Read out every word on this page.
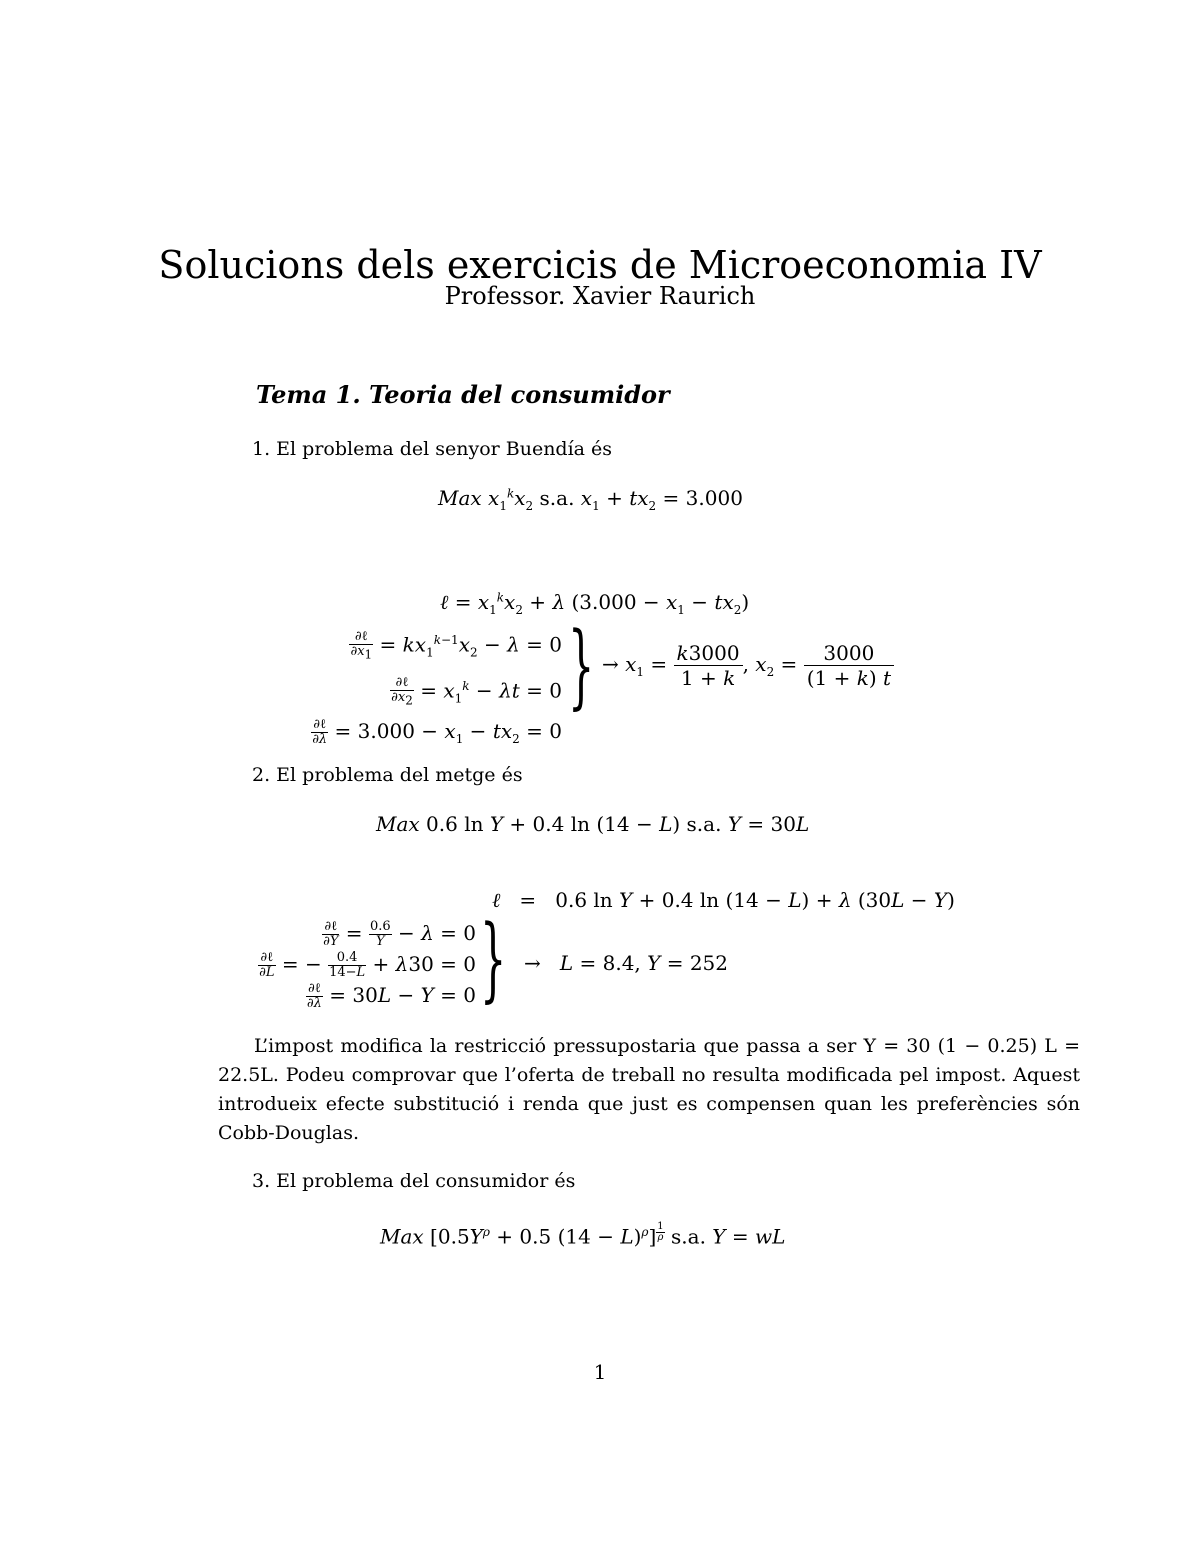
Solucions dels exercicis de Microeconomia IV
Professor. Xavier Raurich
Tema 1. Teoria del consumidor
1. El problema del senyor Buendía és
Max $x_1^kx_2$ s.a. $x_1 + tx_2 = 3.000$
ℓ = $x_1^kx_2 + \lambda$ $(3.000 - x_1 - tx_2)$
∂ℓ
$\partial x_1 = kx_1^{k-1}x_2 - \lambda = 0$
∂ℓ
$\partial x_2 = x_1^k - \lambda t = 0$
∂ℓ
$\partial\lambda = 3.000 - x_1 - tx_2 = 0$
} → $x_1 = \frac{k3000}{1 + k}$ , $x_2 = \frac{3000}{(1 + k) t}$
2. El problema del metge és
Max 0.6 ln Y + 0.4 ln (14 − L) s.a. Y = 30L
ℓ   =   0.6 ln Y + 0.4 ln (14 − L) + λ (30L − Y)
∂ℓ
$\partial Y = \frac{0.6}{Y} - \lambda = 0$
∂ℓ
∂L = − $\frac{0.4}{14-L} + \lambda 30 = 0$
∂ℓ
∂λ = 30L − Y = 0 } →   L = 8.4, Y = 252
L’impost modifica la restricció pressupostaria que passa a ser Y = 30 (1 − 0.25) L = 22.5L. Podeu comprovar que l’oferta de treball no resulta modificada pel impost. Aquest introdueix efecte substitució i renda que just es compensen quan les preferències són Cobb-Douglas.
3. El problema del consumidor és
Max [$0.5Y^\rho + 0.5$ $(14 - L)^\rho$] $^{\frac{1}{\rho}}$ s.a. Y = wL
1
